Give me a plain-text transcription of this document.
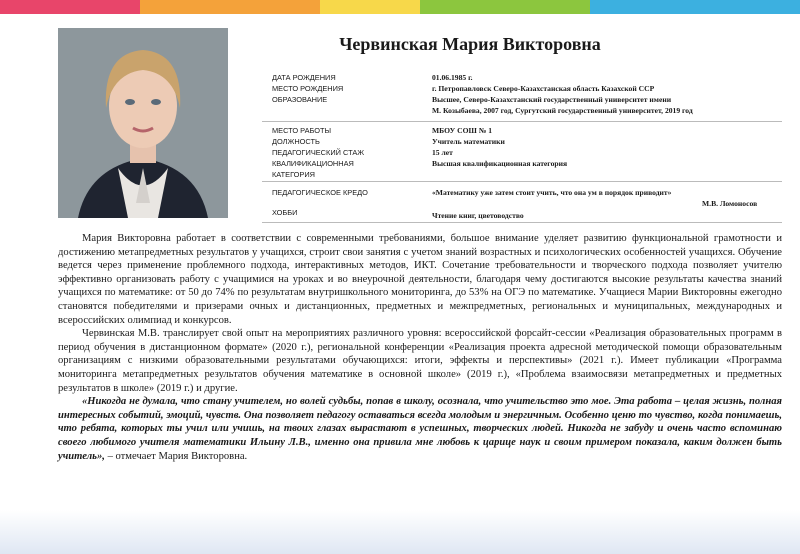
Червинская Мария Викторовна
ДАТА РОЖДЕНИЯ	01.06.1985 г.
МЕСТО РОЖДЕНИЯ	г. Петропавловск Северо-Казахстанская область Казахской ССР
ОБРАЗОВАНИЕ	Высшее, Северо-Казахстанский государственный университет имени
М. Козыбаева, 2007 год, Сургутский государственный университет, 2019 год
МЕСТО РАБОТЫ	МБОУ СОШ № 1
ДОЛЖНОСТЬ	Учитель математики
ПЕДАГОГИЧЕСКИЙ СТАЖ	15 лет
КВАЛИФИКАЦИОННАЯ	Высшая квалификационная категория
КАТЕГОРИЯ
ПЕДАГОГИЧЕСКОЕ КРЕДО	«Математику уже затем стоит учить, что она ум в порядок приводит»
М.В. Ломоносов
ХОББИ	Чтение книг, цветоводство

Мария Викторовна работает в соответствии с современными требованиями, большое внимание уделяет развитию функциональной грамотности и достижению метапредметных результатов у учащихся, строит свои занятия с учетом знаний возрастных и психологических особенностей учащихся. Обучение ведется через применение проблемного подхода, интерактивных методов, ИКТ. Сочетание требовательности и творческого подхода позволяет учителю эффективно организовать работу с учащимися на уроках и во внеурочной деятельности, благодаря чему достигаются высокие результаты качества знаний учащихся по математике: от 50 до 74% по результатам внутришкольного мониторинга, до 53% на ОГЭ по математике. Учащиеся Марии Викторовны ежегодно становятся победителями и призерами очных и дистанционных, предметных и межпредметных, региональных и муниципальных, международных и всероссийских олимпиад и конкурсов.

Червинская М.В. транслирует свой опыт на мероприятиях различного уровня: всероссийской форсайт-сессии «Реализация образовательных программ в период обучения в дистанционном формате» (2020 г.), региональной конференции «Реализация проекта адресной методической помощи образовательным организациям с низкими образовательными результатами обучающихся: итоги, эффекты и перспективы» (2021 г.). Имеет публикации «Программа мониторинга метапредметных результатов обучения математике в основной школе» (2019 г.), «Проблема взаимосвязи метапредметных и предметных результатов в школе» (2019 г.) и другие.

«Никогда не думала, что стану учителем, но волей судьбы, попав в школу, осознала, что учительство это мое. Эта работа – целая жизнь, полная интересных событий, эмоций, чувств. Она позволяет педагогу оставаться всегда молодым и энергичным. Особенно ценю то чувство, когда понимаешь, что ребята, которых ты учил или учишь, на твоих глазах вырастают в успешных, творческих людей. Никогда не забуду и очень часто вспоминаю своего любимого учителя математики Ильину Л.В., именно она привила мне любовь к царице наук и своим примером показала, каким должен быть учитель», – отмечает Мария Викторовна.
